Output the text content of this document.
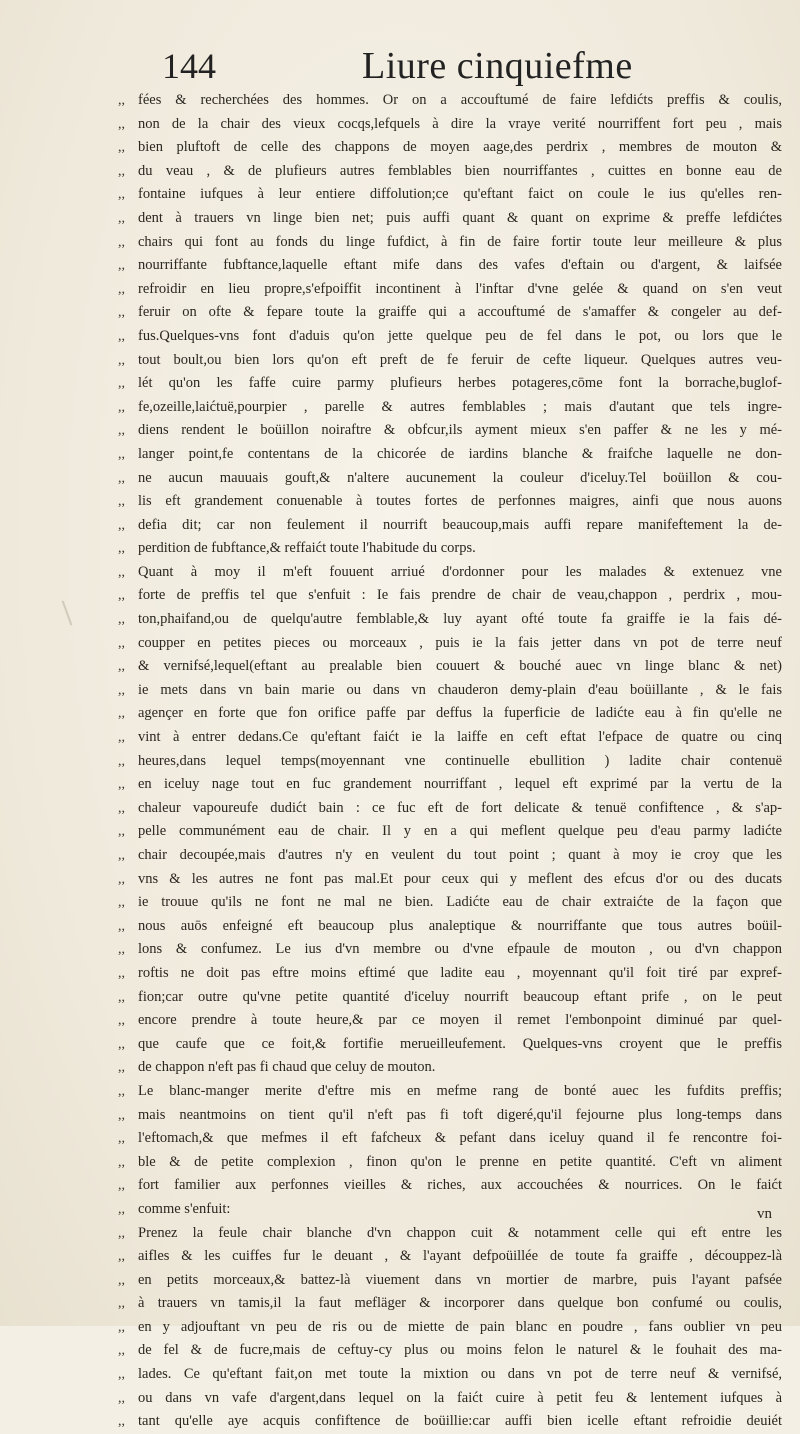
144	Liure cinquiefme
,, fées & recherchées des hommes. Or on a accouftumé de faire lefdićts preffis & coulis,
,, non de la chair des vieux cocqs,lefquels à dire la vraye verité nourriffent fort peu , mais
,, bien pluftoft de celle des chappons de moyen aage,des perdrix , membres de mouton &
,, du veau , & de plufieurs autres femblables bien nourriffantes , cuittes en bonne eau de
,, fontaine iufques à leur entiere diffolution;ce qu'eftant faict on coule le ius qu'elles ren-
,, dent à trauers vn linge bien net; puis auffi quant & quant on exprime & preffe lefdićtes
,, chairs qui font au fonds du linge fufdict, à fin de faire fortir toute leur meilleure & plus
,, nourriffante fubftance,laquelle eftant mife dans des vafes d'eftain ou d'argent, & laifsée
,, refroidir en lieu propre,s'efpoiffit incontinent à l'inftar d'vne gelée & quand on s'en veut
,, feruir on ofte & fepare toute la graiffe qui a accouftumé de s'amaffer & congeler au def-
,, fus.Quelques-vns font d'aduis qu'on jette quelque peu de fel dans le pot, ou lors que le
,, tout boult,ou bien lors qu'on eft preft de fe feruir de cefte liqueur. Quelques autres veu-
,, lét qu'on les faffe cuire parmy plufieurs herbes potageres,cōme font la borrache,buglof-
,, fe,ozeille,laićtuë,pourpier , parelle & autres femblables ; mais d'autant que tels ingre-
,, diens rendent le boüillon noiraftre & obfcur,ils ayment mieux s'en paffer & ne les y mé-
,, langer point,fe contentans de la chicorée de iardins blanche & fraifche laquelle ne don-
,, ne aucun mauuais gouft,& n'altere aucunement la couleur d'iceluy.Tel boüillon & cou-
,, lis eft grandement conuenable à toutes fortes de perfonnes maigres, ainfi que nous auons
,, defia dit; car non feulement il nourrift beaucoup,mais auffi repare manifeftement la de-
,, perdition de fubftance,& reffaićt toute l'habitude du corps.
,, Quant à moy il m'eft fouuent arriué d'ordonner pour les malades & extenuez vne
,, forte de preffis tel que s'enfuit : Ie fais prendre de chair de veau,chappon , perdrix , mou-
,, ton,phaifand,ou de quelqu'autre femblable,& luy ayant ofté toute fa graiffe ie la fais dé-
,, coupper en petites pieces ou morceaux , puis ie la fais jetter dans vn pot de terre neuf
,, & vernifsé,lequel(eftant au prealable bien couuert & bouché auec vn linge blanc & net)
,, ie mets dans vn bain marie ou dans vn chauderon demy-plain d'eau boüillante , & le fais
,, agençer en forte que fon orifice paffe par deffus la fuperficie de ladićte eau à fin qu'elle ne
,, vint à entrer dedans.Ce qu'eftant faićt ie la laiffe en ceft eftat l'efpace de quatre ou cinq
,, heures,dans lequel temps(moyennant vne continuelle ebullition ) ladite chair contenuë
,, en iceluy nage tout en fuc grandement nourriffant , lequel eft exprimé par la vertu de la
,, chaleur vapoureufe dudićt bain : ce fuc eft de fort delicate & tenuë confiftence , & s'ap-
,, pelle communément eau de chair. Il y en a qui meflent quelque peu d'eau parmy ladićte
,, chair decoupée,mais d'autres n'y en veulent du tout point ; quant à moy ie croy que les
,, vns & les autres ne font pas mal.Et pour ceux qui y meflent des efcus d'or ou des ducats
,, ie trouue qu'ils ne font ne mal ne bien. Ladićte eau de chair extraićte de la façon que
,, nous auōs enfeigné eft beaucoup plus analeptique & nourriffante que tous autres boüil-
,, lons & confumez. Le ius d'vn membre ou d'vne efpaule de mouton , ou d'vn chappon
,, roftis ne doit pas eftre moins eftimé que ladite eau , moyennant qu'il foit tiré par expref-
,, fion;car outre qu'vne petite quantité d'iceluy nourrift beaucoup eftant prife , on le peut
,, encore prendre à toute heure,& par ce moyen il remet l'embonpoint diminué par quel-
,, que caufe que ce foit,& fortifie merueilleufement. Quelques-vns croyent que le preffis
,, de chappon n'eft pas fi chaud que celuy de mouton.
,, Le blanc-manger merite d'eftre mis en mefme rang de bonté auec les fufdits preffis;
,, mais neantmoins on tient qu'il n'eft pas fi toft digeré,qu'il fejourne plus long-temps dans
,, l'eftomach,& que mefmes il eft fafcheux & pefant dans iceluy quand il fe rencontre foi-
,, ble & de petite complexion , finon qu'on le prenne en petite quantité. C'eft vn aliment
,, fort familier aux perfonnes vieilles & riches, aux accouchées & nourrices. On le faićt
,, comme s'enfuit:
,, Prenez la feule chair blanche d'vn chappon cuit & notamment celle qui eft entre les
,, aifles & les cuiffes fur le deuant , & l'ayant defpoüillée de toute fa graiffe , découppez-là
,, en petits morceaux,& battez-là viuement dans vn mortier de marbre, puis l'ayant pafsée
,, à trauers vn tamis,il la faut mefläger & incorporer dans quelque bon confumé ou coulis,
,, en y adjouftant vn peu de ris ou de miette de pain blanc en poudre , fans oublier vn peu
,, de fel & de fucre,mais de ceftuy-cy plus ou moins felon le naturel & le fouhait des ma-
,, lades. Ce qu'eftant fait,on met toute la mixtion ou dans vn pot de terre neuf & vernifsé,
,, ou dans vn vafe d'argent,dans lequel on la faićt cuire à petit feu & lentement iufques à
,, tant qu'elle aye acquis confiftence de boüillie:car auffi bien icelle eftant refroidie deuiét
vn
